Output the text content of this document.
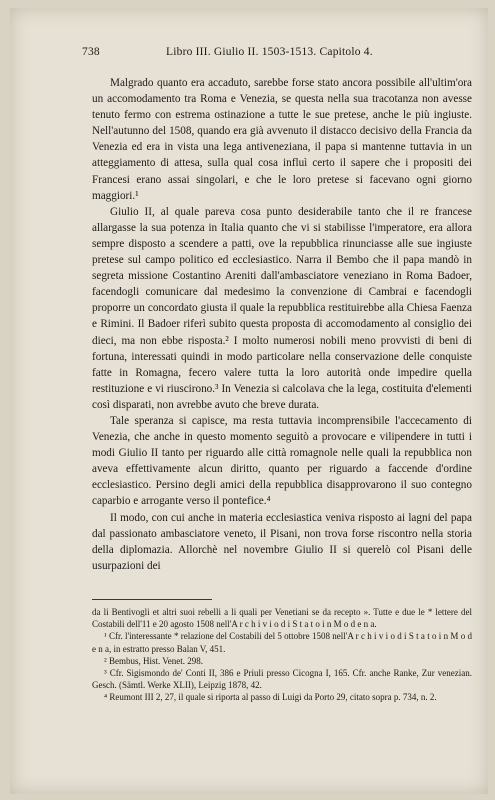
738	Libro III. Giulio II. 1503-1513. Capitolo 4.

Malgrado quanto era accaduto, sarebbe forse stato ancora possibile all'ultim'ora un accomodamento tra Roma e Venezia, se questa nella sua tracotanza non avesse tenuto fermo con estrema ostinazione a tutte le sue pretese, anche le più ingiuste. Nell'autunno del 1508, quando era già avvenuto il distacco decisivo della Francia da Venezia ed era in vista una lega antiveneziana, il papa si mantenne tuttavia in un atteggiamento di attesa, sulla qual cosa influì certo il sapere che i propositi dei Francesi erano assai singolari, e che le loro pretese si facevano ogni giorno maggiori.¹

Giulio II, al quale pareva cosa punto desiderabile tanto che il re francese allargasse la sua potenza in Italia quanto che vi si stabilisse l'imperatore, era allora sempre disposto a scendere a patti, ove la repubblica rinunciasse alle sue ingiuste pretese sul campo politico ed ecclesiastico. Narra il Bembo che il papa mandò in segreta missione Costantino Areniti dall'ambasciatore veneziano in Roma Badoer, facendogli comunicare dal medesimo la convenzione di Cambrai e facendogli proporre un concordato giusta il quale la repubblica restituirebbe alla Chiesa Faenza e Rimini. Il Badoer riferì subito questa proposta di accomodamento al consiglio dei dieci, ma non ebbe risposta.² I molto numerosi nobili meno provvisti di beni di fortuna, interessati quindi in modo particolare nella conservazione delle conquiste fatte in Romagna, fecero valere tutta la loro autorità onde impedire quella restituzione e vi riuscirono.³ In Venezia si calcolava che la lega, costituita d'elementi così disparati, non avrebbe avuto che breve durata.

Tale speranza si capisce, ma resta tuttavia incomprensibile l'accecamento di Venezia, che anche in questo momento seguitò a provocare e vilipendere in tutti i modi Giulio II tanto per riguardo alle città romagnole nelle quali la repubblica non aveva effettivamente alcun diritto, quanto per riguardo a faccende d'ordine ecclesiastico. Persino degli amici della repubblica disapprovarono il suo contegno caparbio e arrogante verso il pontefice.⁴

Il modo, con cui anche in materia ecclesiastica veniva risposto ai lagni del papa dal passionato ambasciatore veneto, il Pisani, non trova forse riscontro nella storia della diplomazia. Allorchè nel novembre Giulio II si querelò col Pisani delle usurpazioni dei

da li Bentivogli et altri suoi rebelli a li quali per Venetiani se da recepto ». Tutte e due le * lettere del Costabili dell'11 e 20 agosto 1508 nell'A r c h i v i o d i S t a t o i n M o d e n a.

¹ Cfr. l'interessante * relazione del Costabili del 5 ottobre 1508 nell'A r c h i v i o d i S t a t o i n M o d e n a, in estratto presso Balan V, 451.

² Bembus, Hist. Venet. 298.

³ Cfr. Sigismondo de' Conti II, 386 e Priuli presso Cicogna I, 165. Cfr. anche Ranke, Zur venezian. Gesch. (Sämtl. Werke XLII), Leipzig 1878, 42.

⁴ Reumont III 2, 27, il quale si riporta al passo di Luigi da Porto 29, citato sopra p. 734, n. 2.
